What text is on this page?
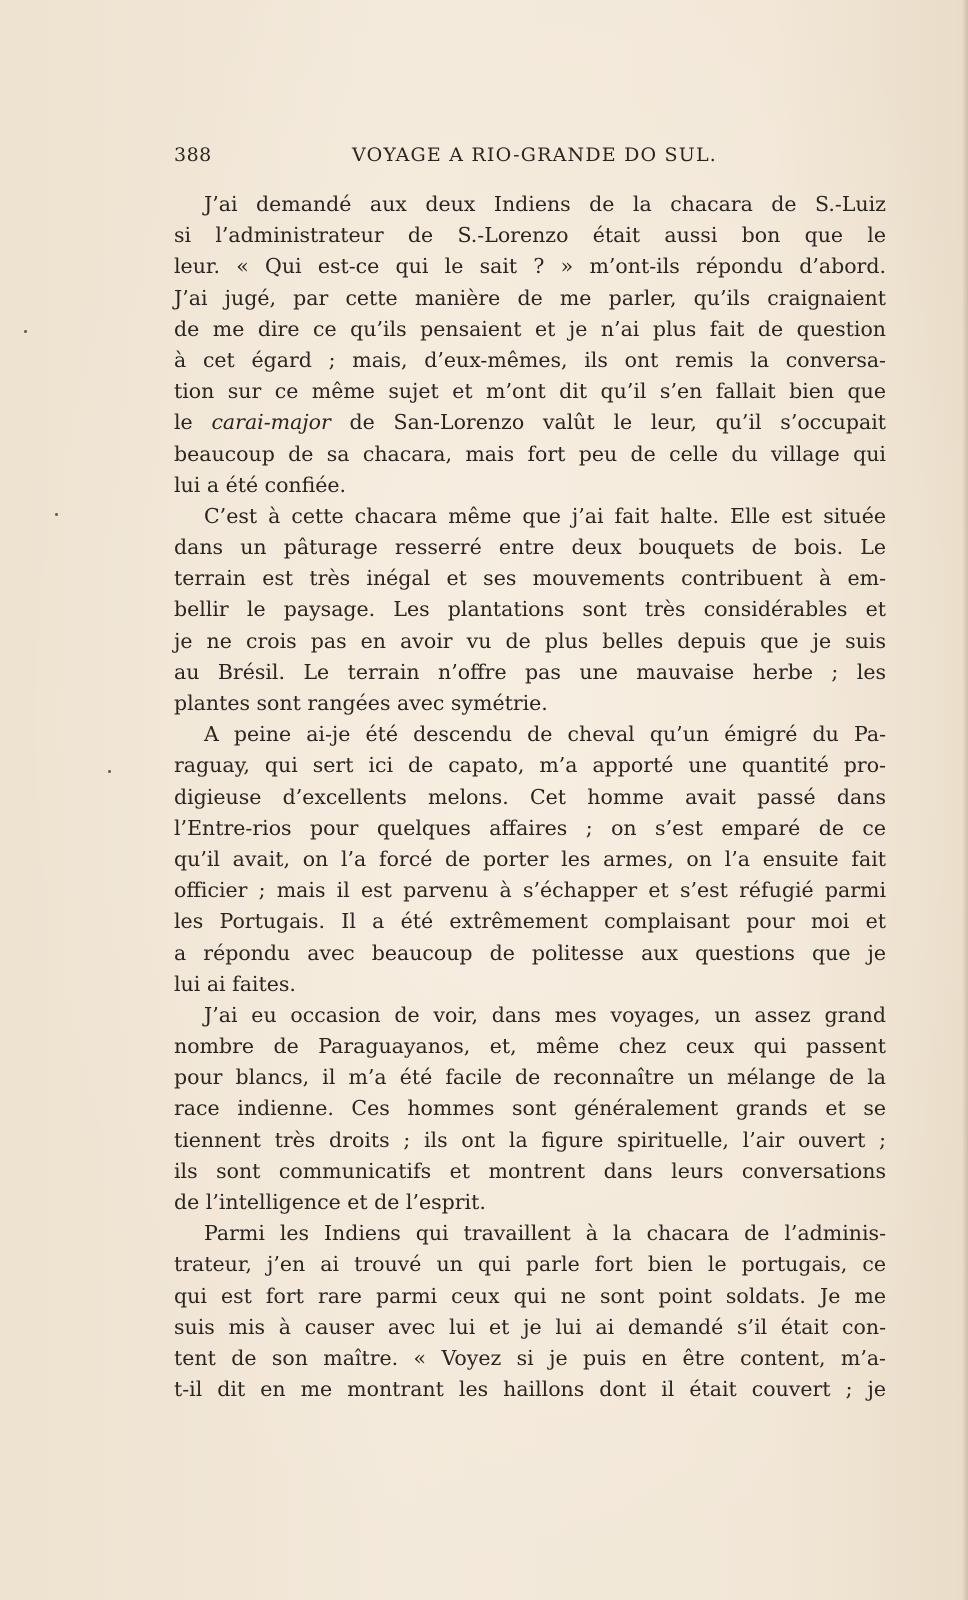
388	VOYAGE A RIO-GRANDE DO SUL.
J’ai demandé aux deux Indiens de la chacara de S.-Luiz
si l’administrateur de S.-Lorenzo était aussi bon que le
leur. « Qui est-ce qui le sait ? » m’ont-ils répondu d’abord.
J’ai jugé, par cette manière de me parler, qu’ils craignaient
de me dire ce qu’ils pensaient et je n’ai plus fait de question
à cet égard ; mais, d’eux-mêmes, ils ont remis la conversa-
tion sur ce même sujet et m’ont dit qu’il s’en fallait bien que
le carai-major de San-Lorenzo valût le leur, qu’il s’occupait
beaucoup de sa chacara, mais fort peu de celle du village qui
lui a été confiée.
C’est à cette chacara même que j’ai fait halte. Elle est située
dans un pâturage resserré entre deux bouquets de bois. Le
terrain est très inégal et ses mouvements contribuent à em-
bellir le paysage. Les plantations sont très considérables et
je ne crois pas en avoir vu de plus belles depuis que je suis
au Brésil. Le terrain n’offre pas une mauvaise herbe ; les
plantes sont rangées avec symétrie.
A peine ai-je été descendu de cheval qu’un émigré du Pa-
raguay, qui sert ici de capato, m’a apporté une quantité pro-
digieuse d’excellents melons. Cet homme avait passé dans
l’Entre-rios pour quelques affaires ; on s’est emparé de ce
qu’il avait, on l’a forcé de porter les armes, on l’a ensuite fait
officier ; mais il est parvenu à s’échapper et s’est réfugié parmi
les Portugais. Il a été extrêmement complaisant pour moi et
a répondu avec beaucoup de politesse aux questions que je
lui ai faites.
J’ai eu occasion de voir, dans mes voyages, un assez grand
nombre de Paraguayanos, et, même chez ceux qui passent
pour blancs, il m’a été facile de reconnaître un mélange de la
race indienne. Ces hommes sont généralement grands et se
tiennent très droits ; ils ont la figure spirituelle, l’air ouvert ;
ils sont communicatifs et montrent dans leurs conversations
de l’intelligence et de l’esprit.
Parmi les Indiens qui travaillent à la chacara de l’adminis-
trateur, j’en ai trouvé un qui parle fort bien le portugais, ce
qui est fort rare parmi ceux qui ne sont point soldats. Je me
suis mis à causer avec lui et je lui ai demandé s’il était con-
tent de son maître. « Voyez si je puis en être content, m’a-
t-il dit en me montrant les haillons dont il était couvert ; je
